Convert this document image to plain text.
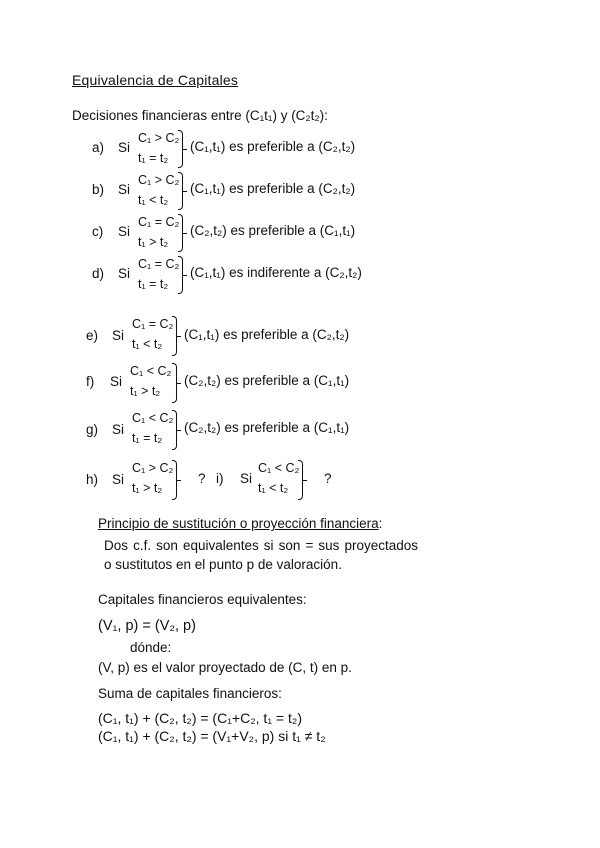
Equivalencia de Capitales
Decisiones financieras entre (C₁t₁) y (C₂t₂):
a) Si
C₁ > C₂
t₁ = t₂
(C₁,t₁) es preferible a (C₂,t₂)
b) Si
C₁ > C₂
t₁ < t₂
(C₁,t₁) es preferible a (C₂,t₂)
c) Si
C₁ = C₂
t₁ > t₂
(C₂,t₂) es preferible a (C₁,t₁)
d) Si
C₁ = C₂
t₁ = t₂
(C₁,t₁) es indiferente a (C₂,t₂)
e) Si
C₁ = C₂
t₁ < t₂
(C₁,t₁) es preferible a (C₂,t₂)
f) Si
C₁ < C₂
t₁ > t₂
(C₂,t₂) es preferible a (C₁,t₁)
g) Si
C₁ < C₂
t₁ = t₂
(C₂,t₂) es preferible a (C₁,t₁)
h) Si
C₁ > C₂
t₁ > t₂
? i) Si
C₁ < C₂
t₁ < t₂
?
Principio de sustitución o proyección financiera:
Dos c.f. son equivalentes si son = sus proyectados o sustitutos en el punto p de valoración.
Capitales financieros equivalentes:
(V₁, p) = (V₂, p)
dónde:
(V, p) es el valor proyectado de (C, t) en p.
Suma de capitales financieros:
(C₁, t₁) + (C₂, t₂) = (C₁+C₂, t₁ = t₂)
(C₁, t₁) + (C₂, t₂) = (V₁+V₂, p) si t₁ ≠ t₂
